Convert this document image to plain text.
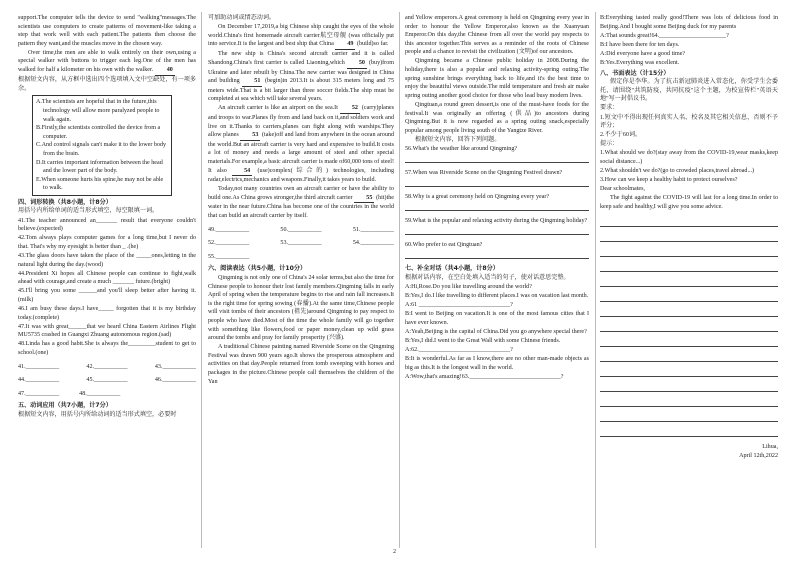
support.The computer tells the device to send "walking"messages.The scientists use computers to create patterns of movement-like taking a step that work well with each patient.The patients then choose the pattern they want,and the muscles move in the chosen way.

Over time,the men are able to walk entirely on their own,using a special walker with buttons to trigger each leg.One of the men has walked for half a kilometer on his own with the walker. 40

根据短文内容，从方框中选出四个选项填入文中空缺处，有一项多余。

A.The scientists are hopeful that in the future,this technology will allow more paralyzed people to walk again.
B.Firstly,the scientists controlled the device from a computer.
C.And control signals can't make it to the lower body from the brain.
D.It carries important information between the head and the lower part of the body.
E.When someone hurts his spine,he may not be able to walk.
四、词形转换（共8小题，计8分）

用括号内所给单词的适当形式填空，每空限填一词。

41.The teacher announced an_______ result that everyone couldn't believe.(expected)

42.Tom always plays computer games for a long time,but I never do that. That's why my eyesight is better than _ .(he)

43.The glass doors have taken the place of the _____ones,letting in the natural light during the day.(wood)

44.President Xi hopes all Chinese people can continue to fight,walk ahead with courage,and create a much _______ future.(bright)

45.I'll bring you some ______and you'll sleep better after having it.(milk)

46.I am busy these days.I have_____ forgotten that it is my birthday today.(complete)

47.It was with great______that we heard China Eastern Airlines Flight MU5735 crashed in Guangxi Zhuang autonomous region.(sad)

48.Linda has a good habit.She is always the_________student to get to school.(one)

41.___________	42.___________	43.___________
44.___________	45.___________	46.___________
47.___________	48.___________
五、动词应用（共7小题，计7分）

根据短文内容，用括号内所给动词的适当形式填空，必要时

可加助动词或情态动词。

On December 17,2019,a big Chinese ship caught the eyes of the whole world.China's first homemade aircraft carrier航空母舰 (was officially put into service.It is the largest and best ship that China 49 (build)so far.

The new ship is China's second aircraft carrier and it is called Shandong.China's first carrier is called Liaoning,which 50 (buy)from Ukraine and later rebuilt by China.The new carrier was designed in China and building 51 (begin)in 2013.It is about 315 meters long and 75 meters wide.That is a bit larger than three soccer fields.The ship must be completed at sea which will take several years.

An aircraft carrier is like an airport on the sea.It 52 (carry)planes and troops to war.Planes fly from and land back on it,and soldiers work and live on it.Thanks to carriers,planes can fight along with warships.They allow planes 53 (take)off and land from anywhere in the ocean around the world.But an aircraft carrier is very hard and expensive to build.It costs a lot of money and needs a large amount of steel and other special materials.For example,a basic aircraft carrier is made of60,000 tons of steel! It also	54 (use)complex(综合的) technologies, including radar,electrics,mechanics and weapons.Finally,it takes years to build.

Today,not many countries own an aircraft carrier or have the ability to build one.As China grows stronger,the third aircraft carrier 55 (hit)the water in the near future.China has become one of the countries in the world that can build an aircraft carrier by itself.

49.___________	50.___________	51.___________
52.___________	53.___________	54.___________
55.___________
六、阅读表达（共5小题，计10分）

Qingming is not only one of China's 24 solar terms,but also the time for Chinese people to honour their lost family members.Qingming falls in early April of spring when the temperature begins to rise and rain fall increases.It is the right time for spring sowing (春播).At the same time,Chinese people will visit tombs of their ancestors (祖先)around Qingming to pay respect to people who have died.Most of the time the whole family will go together with something like flowers,food or paper money,clean up wild grass around the tombs and pray for family prosperity (兴盛).

A traditional Chinese painting named Riverside Scene on the Qingming Festival was drawn 900 years ago.It shows the prosperous atmosphere and activities on that day.People returned from tomb sweeping with horses and packages in the picture.Chinese people call themselves the children of the Yan

and Yellow emperors.A great ceremony is held on Qingming every year in order to honour the Yellow Emperor,also known as the Xuanyuan Emperor.On this day,the Chinese from all over the world pay respects to this ancestor together.This serves as a reminder of the roots of Chinese people and a chance to revisit the civilization (文明)of our ancestors.

Qingming became a Chinese public holiday in 2008.During the holiday,there is also a popular and relaxing activity-spring outing.The spring sunshine brings everything back to life,and it's the best time to enjoy the beautiful views outside.The mild temperature and fresh air make spring outing another good choice for those who lead busy modern lives.

Qingtuan,a round green dessert,is one of the must-have foods for the festival.It was originally an offering (供品)to ancestors during Qingming.But it is now regarded as a spring outing snack,especially popular among people living south of the Yangtze River.

根据短文内容，回答下列问题。

56.What's the weather like around Qingming?

57.When was Riverside Scene on the Qingming Festivel drawn?

58.Why is a great ceremony held on Qingming every year?

59.What is the popular and relaxing activity during the Qingming holiday?

60.Who prefer to eat Qingtuan?

七、补全对话（共4小题，计8分）

根据对话内容，在空白处填入适当的句子，使对话意思完整。

A:Hi,Rose.Do you like travelling around the world?

B:Yes,I do.I like travelling to different places.I was on vacation last month.

A:61 ______________________________?

B:I went to Beijing on vacation.It is one of the most famous cities that I have ever known.

A:Yeah,Beijing is the capital of China.Did you go anywhere special there?

B:Yes,I did.I went to the Great Wall with some Chinese friends.

A:62.______________________________?

B:It is wonderful.As far as I know,there are no other man-made objects as big as this.It is the longest wall in the world.

A:Wow,that's amazing!63.______________________________?

B:Everything tasted really good!There was lots of delicious food in Beijing.And I bought some Beijing duck for my parents

A:That sounds great!64.______________________?

B:I have been there for ten days.

A:Did everyone have a good time?

B:Yes.Everything was excellent.

八、书面表达（计15分）

假定你是李华。为了抗击新冠肺炎进入常态化，你受学生会委托，请围绕"共筑防疫，共同抗疫"这个主题，为校宣传栏"英语天地"写一封倡议书。

要求：

1.短文中不得出现任何真实人名、校名及其它相关信息，否则不予评分；

2.不少于60词。

提示：

1.What should we do?(stay away from the COVID-19,wear masks,keep social distance...)

2.What shouldn't we do?(go to crowded places,travel abroad...)

3.How can we keep a healthy habit to protect ourselves?

Dear schoolmates,

The fight against the COVID-19 will last for a long time.In order to keep safe and healthy,I will give you some advice.

Lihua,

April 12th,2022

2
